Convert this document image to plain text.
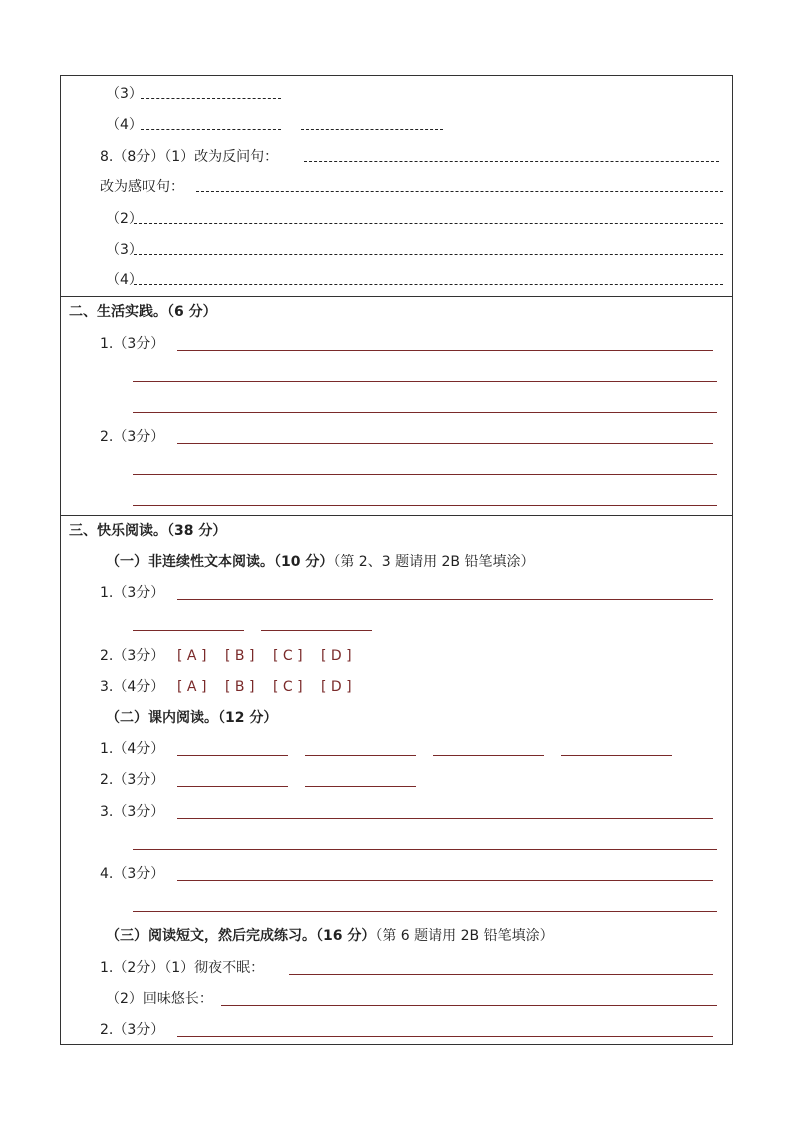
（3）
（4）
8.（8分）（1）改为反问句：
改为感叹句：
（2）
（3）
（4）
二、生活实践。（6 分）
1.（3分）
2.（3分）
三、快乐阅读。（38 分）
（一）非连续性文本阅读。（10 分）（第 2、3 题请用 2B 铅笔填涂）
1.（3分）
2.（3分） [ A ] [ B ] [ C ] [ D ]
3.（4分） [ A ] [ B ] [ C ] [ D ]
（二）课内阅读。（12 分）
1.（4分）
2.（3分）
3.（3分）
4.（3分）
（三）阅读短文，然后完成练习。（16 分）（第 6 题请用 2B 铅笔填涂）
1.（2分）（1）彻夜不眠：
（2）回味悠长：
2.（3分）
